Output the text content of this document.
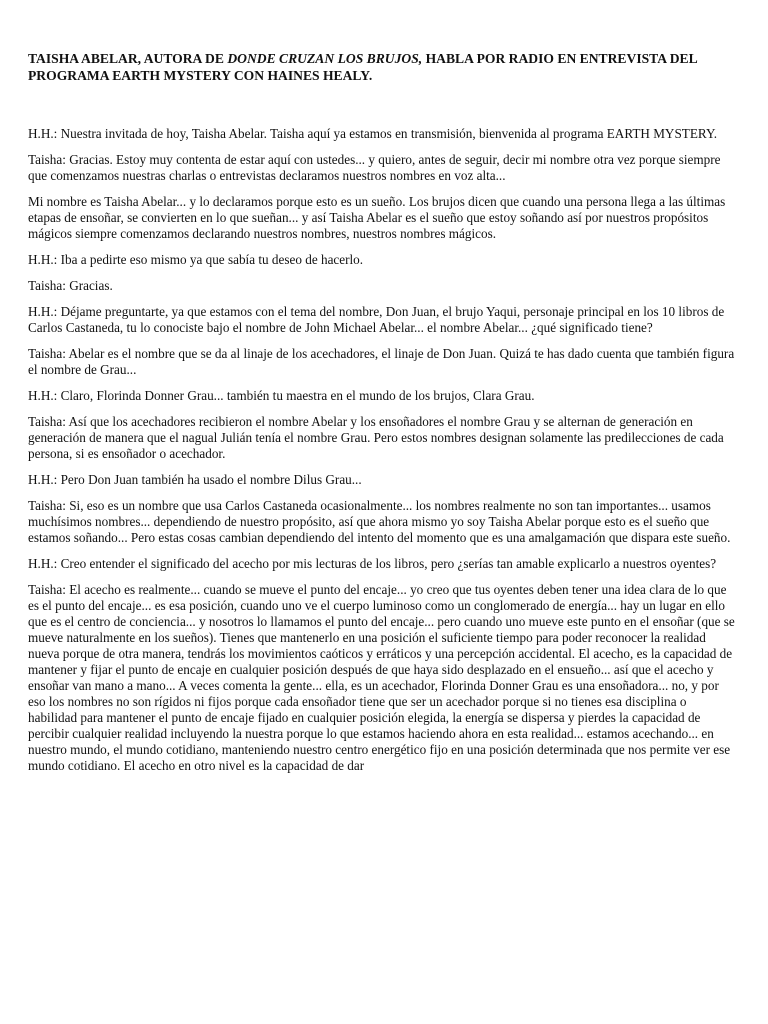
TAISHA ABELAR, AUTORA DE DONDE CRUZAN LOS BRUJOS, HABLA POR RADIO EN ENTREVISTA DEL PROGRAMA EARTH MYSTERY CON HAINES HEALY.

H.H.: Nuestra invitada de hoy, Taisha Abelar. Taisha aquí ya estamos en transmisión, bienvenida al programa EARTH MYSTERY.

Taisha: Gracias. Estoy muy contenta de estar aquí con ustedes... y quiero, antes de seguir, decir mi nombre otra vez porque siempre que comenzamos nuestras charlas o entrevistas declaramos nuestros nombres en voz alta...

Mi nombre es Taisha Abelar... y lo declaramos porque esto es un sueño. Los brujos dicen que cuando una persona llega a las últimas etapas de ensoñar, se convierten en lo que sueñan... y así Taisha Abelar es el sueño que estoy soñando así por nuestros propósitos mágicos siempre comenzamos declarando nuestros nombres, nuestros nombres mágicos.

H.H.: Iba a pedirte eso mismo ya que sabía tu deseo de hacerlo.

Taisha: Gracias.

H.H.: Déjame preguntarte, ya que estamos con el tema del nombre, Don Juan, el brujo Yaqui, personaje principal en los 10 libros de Carlos Castaneda, tu lo conociste bajo el nombre de John Michael Abelar... el nombre Abelar... ¿qué significado tiene?

Taisha: Abelar es el nombre que se da al linaje de los acechadores, el linaje de Don Juan. Quizá te has dado cuenta que también figura el nombre de Grau...

H.H.: Claro, Florinda Donner Grau... también tu maestra en el mundo de los brujos, Clara Grau.

Taisha: Así que los acechadores recibieron el nombre Abelar y los ensoñadores el nombre Grau y se alternan de generación en generación de manera que el nagual Julián tenía el nombre Grau. Pero estos nombres designan solamente las predilecciones de cada persona, si es ensoñador o acechador.

H.H.: Pero Don Juan también ha usado el nombre Dilus Grau...

Taisha: Si, eso es un nombre que usa Carlos Castaneda ocasionalmente... los nombres realmente no son tan importantes... usamos muchísimos nombres... dependiendo de nuestro propósito, así que ahora mismo yo soy Taisha Abelar porque esto es el sueño que estamos soñando... Pero estas cosas cambian dependiendo del intento del momento que es una amalgamación que dispara este sueño.

H.H.: Creo entender el significado del acecho por mis lecturas de los libros, pero ¿serías tan amable explicarlo a nuestros oyentes?

Taisha: El acecho es realmente... cuando se mueve el punto del encaje... yo creo que tus oyentes deben tener una idea clara de lo que es el punto del encaje... es esa posición, cuando uno ve el cuerpo luminoso como un conglomerado de energía... hay un lugar en ello que es el centro de conciencia... y nosotros lo llamamos el punto del encaje... pero cuando uno mueve este punto en el ensoñar (que se mueve naturalmente en los sueños). Tienes que mantenerlo en una posición el suficiente tiempo para poder reconocer la realidad nueva porque de otra manera, tendrás los movimientos caóticos y erráticos y una percepción accidental. El acecho, es la capacidad de mantener y fijar el punto de encaje en cualquier posición después de que haya sido desplazado en el ensueño... así que el acecho y ensoñar van mano a mano... A veces comenta la gente... ella, es un acechador, Florinda Donner Grau es una ensoñadora... no, y por eso los nombres no son rígidos ni fijos porque cada ensoñador tiene que ser un acechador porque si no tienes esa disciplina o habilidad para mantener el punto de encaje fijado en cualquier posición elegida, la energía se dispersa y pierdes la capacidad de percibir cualquier realidad incluyendo la nuestra porque lo que estamos haciendo ahora en esta realidad... estamos acechando... en nuestro mundo, el mundo cotidiano, manteniendo nuestro centro energético fijo en una posición determinada que nos permite ver ese mundo cotidiano. El acecho en otro nivel es la capacidad de dar
